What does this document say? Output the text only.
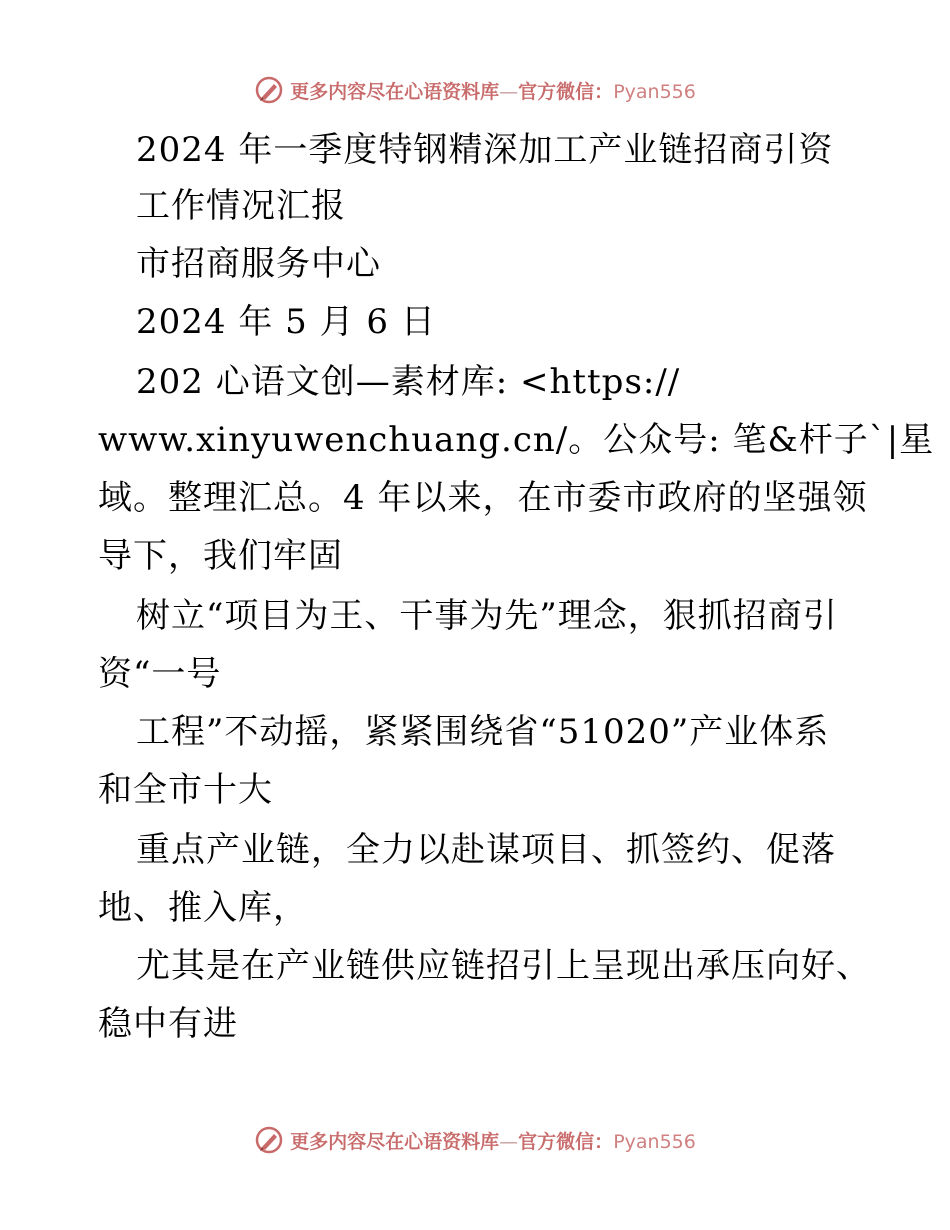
更多内容尽在心语资料库—官方微信：Pyan556
2024 年一季度特钢精深加工产业链招商引资
工作情况汇报
市招商服务中心
2024 年 5 月 6 日
202 心语文创—素材库: <https://
www.xinyuwenchuang.cn/。公众号: 笔&杆子`|星
域。整理汇总。4 年以来，在市委市政府的坚强领
导下，我们牢固
树立“项目为王、干事为先”理念，狠抓招商引
资“一号
工程”不动摇，紧紧围绕省“51020”产业体系
和全市十大
重点产业链，全力以赴谋项目、抓签约、促落
地、推入库，
尤其是在产业链供应链招引上呈现出承压向好、
稳中有进
更多内容尽在心语资料库—官方微信：Pyan556
